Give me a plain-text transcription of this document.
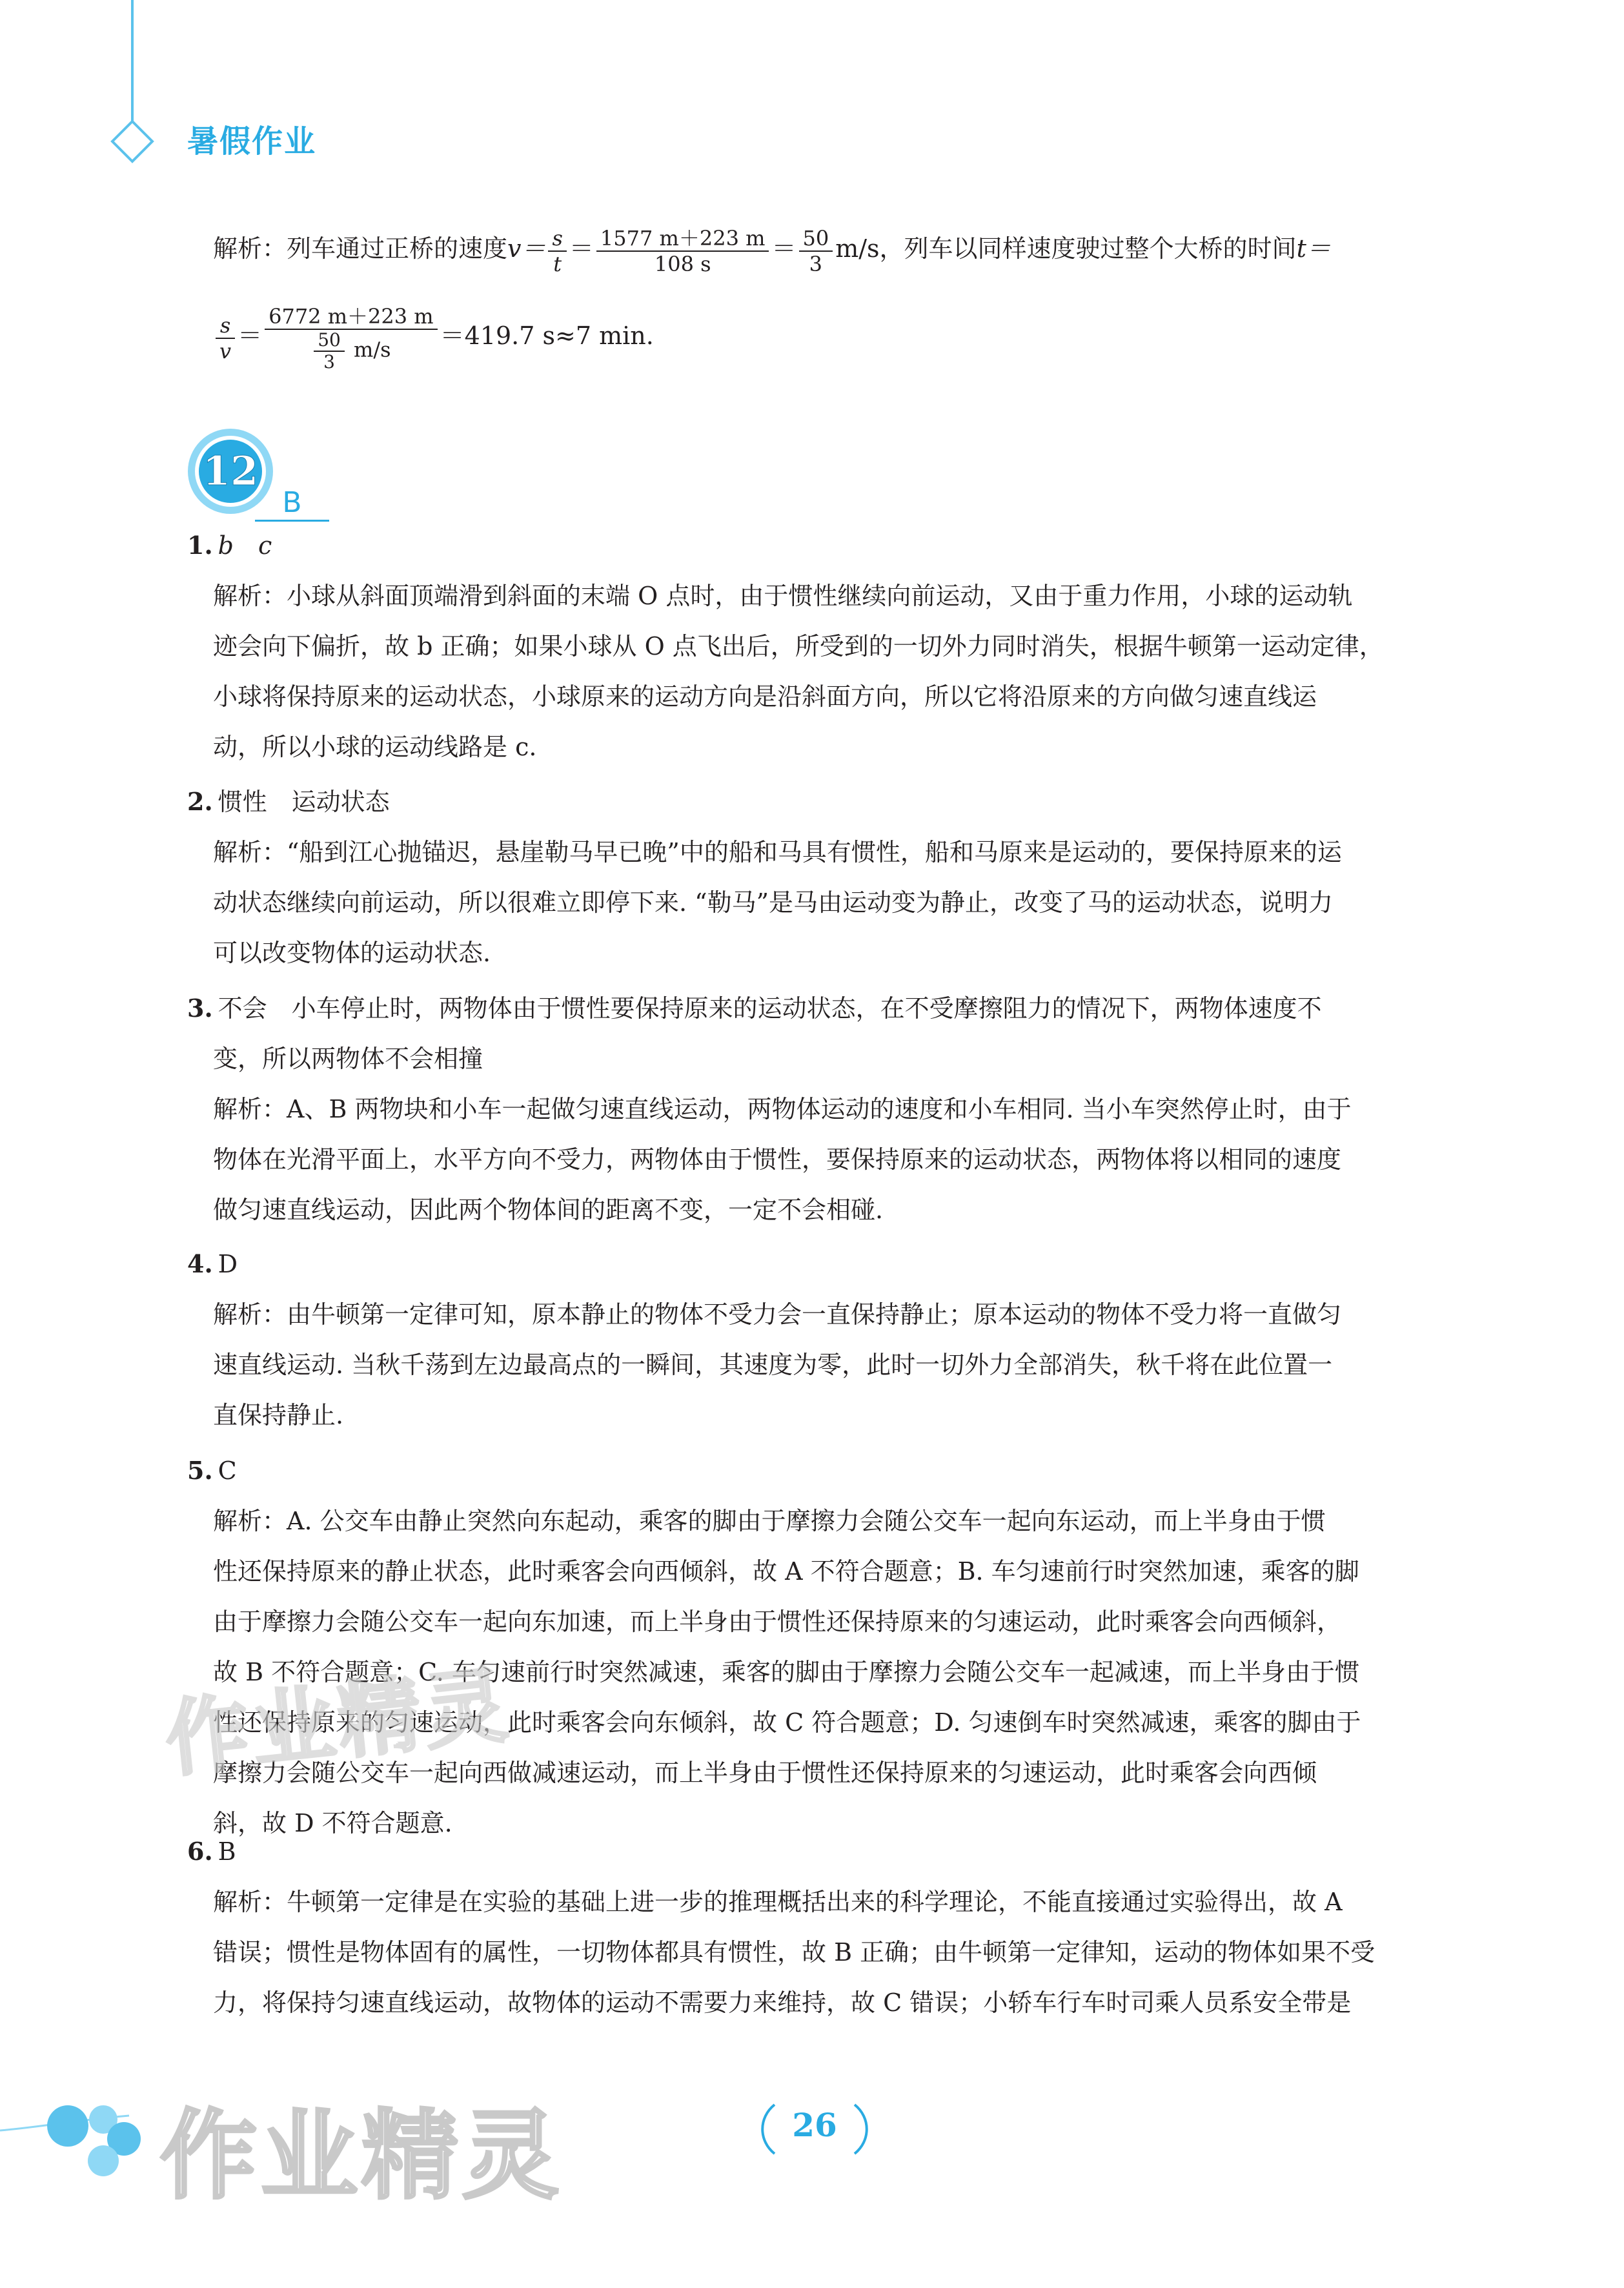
暑假作业
解析：列车通过正桥的速度$v= \frac{s}{t} = \frac{1577 m+223 m}{108 s} = \frac{50}{3} m/s$，列车以同样速度驶过整个大桥的时间t＝
$\frac{s}{v} = \frac{6772 m+223 m}{\frac{50}{3} m/s} =419.7$ s≈7 min.
12
B
1. b　c
解析：小球从斜面顶端滑到斜面的末端 O 点时，由于惯性继续向前运动，又由于重力作用，小球的运动轨
迹会向下偏折，故 b 正确；如果小球从 O 点飞出后，所受到的一切外力同时消失，根据牛顿第一运动定律，
小球将保持原来的运动状态，小球原来的运动方向是沿斜面方向，所以它将沿原来的方向做匀速直线运
动，所以小球的运动线路是 c.
2. 惯性　运动状态
解析：“船到江心抛锚迟，悬崖勒马早已晚”中的船和马具有惯性，船和马原来是运动的，要保持原来的运
动状态继续向前运动，所以很难立即停下来. “勒马”是马由运动变为静止，改变了马的运动状态，说明力
可以改变物体的运动状态.
3. 不会　小车停止时，两物体由于惯性要保持原来的运动状态，在不受摩擦阻力的情况下，两物体速度不
变，所以两物体不会相撞
解析：A、B 两物块和小车一起做匀速直线运动，两物体运动的速度和小车相同. 当小车突然停止时，由于
物体在光滑平面上，水平方向不受力，两物体由于惯性，要保持原来的运动状态，两物体将以相同的速度
做匀速直线运动，因此两个物体间的距离不变，一定不会相碰.
4. D
解析：由牛顿第一定律可知，原本静止的物体不受力会一直保持静止；原本运动的物体不受力将一直做匀
速直线运动. 当秋千荡到左边最高点的一瞬间，其速度为零，此时一切外力全部消失，秋千将在此位置一
直保持静止.
5. C
解析：A. 公交车由静止突然向东起动，乘客的脚由于摩擦力会随公交车一起向东运动，而上半身由于惯
性还保持原来的静止状态，此时乘客会向西倾斜，故 A 不符合题意；B. 车匀速前行时突然加速，乘客的脚
由于摩擦力会随公交车一起向东加速，而上半身由于惯性还保持原来的匀速运动，此时乘客会向西倾斜，
故 B 不符合题意；C. 车匀速前行时突然减速，乘客的脚由于摩擦力会随公交车一起减速，而上半身由于惯
性还保持原来的匀速运动，此时乘客会向东倾斜，故 C 符合题意；D. 匀速倒车时突然减速，乘客的脚由于
摩擦力会随公交车一起向西做减速运动，而上半身由于惯性还保持原来的匀速运动，此时乘客会向西倾
斜，故 D 不符合题意.
6. B
解析：牛顿第一定律是在实验的基础上进一步的推理概括出来的科学理论，不能直接通过实验得出，故 A
错误；惯性是物体固有的属性，一切物体都具有惯性，故 B 正确；由牛顿第一定律知，运动的物体如果不受
力，将保持匀速直线运动，故物体的运动不需要力来维持，故 C 错误；小轿车行车时司乘人员系安全带是
作业精灵
作业精灵	26
